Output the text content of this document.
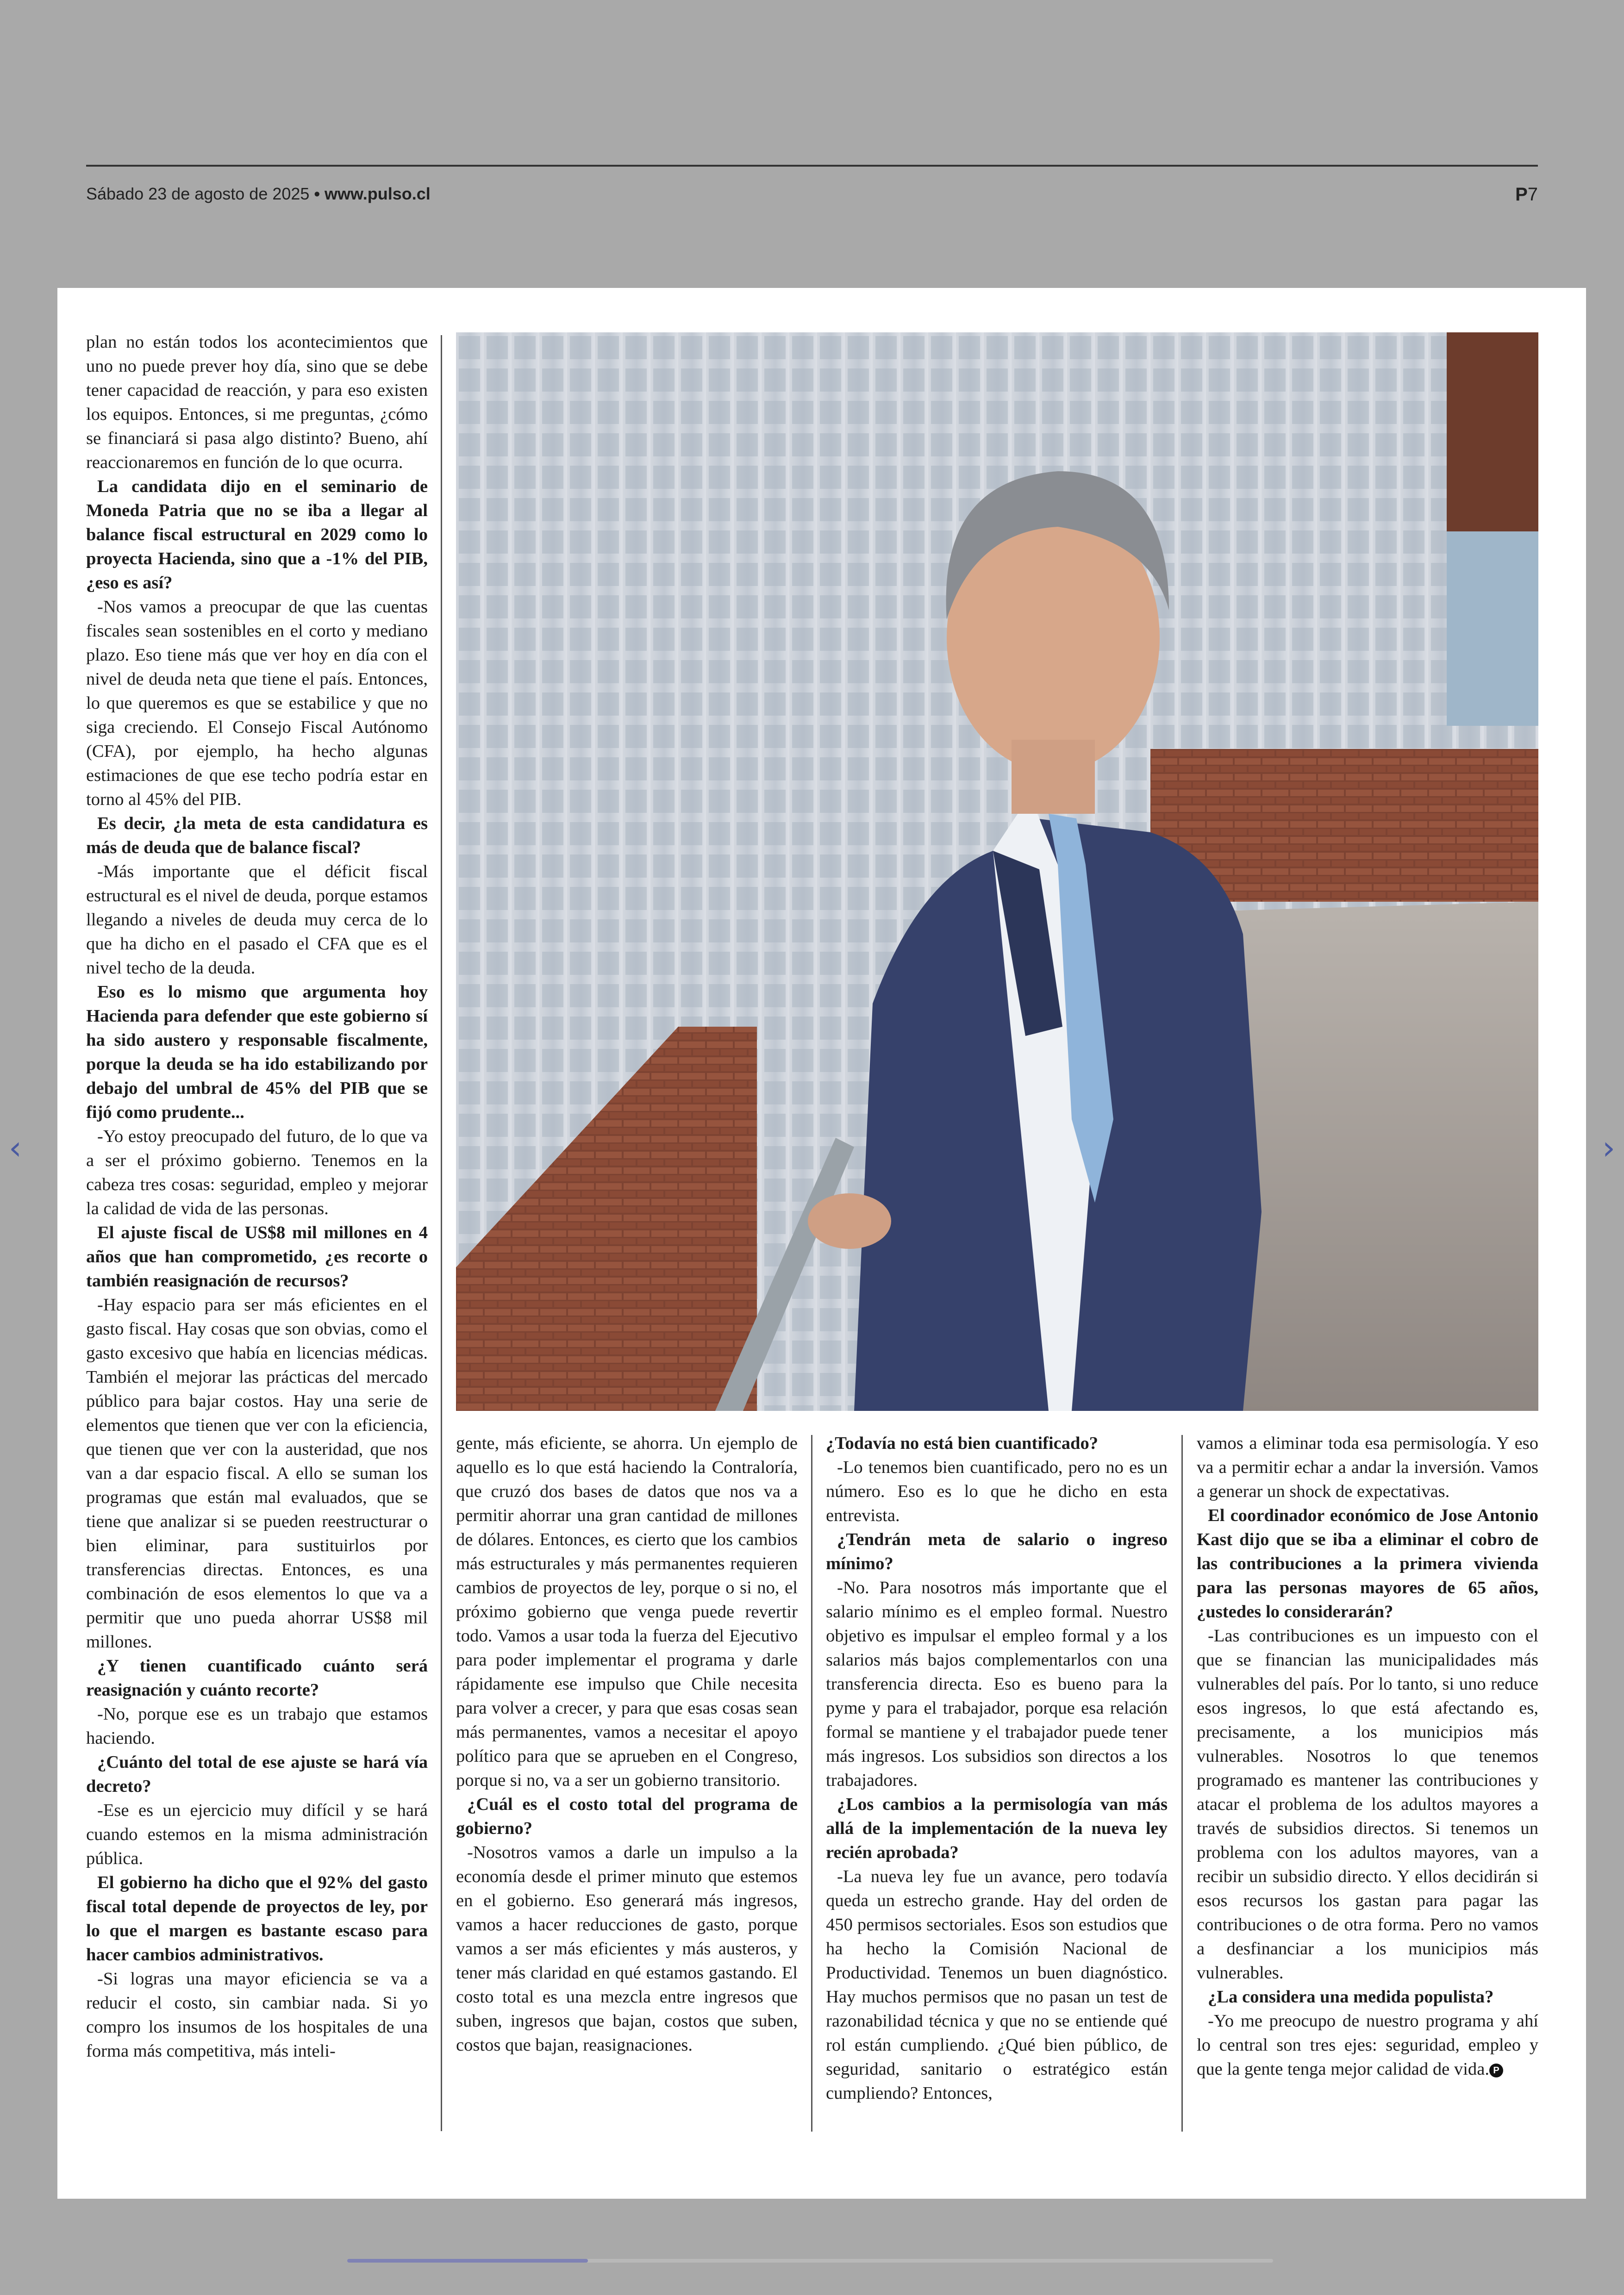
Sábado 23 de agosto de 2025 • www.pulso.cl	P7

plan no están todos los acontecimientos que uno no puede prever hoy día, sino que se debe tener capacidad de reacción, y para eso existen los equipos. Entonces, si me preguntas, ¿cómo se financiará si pasa algo distinto? Bueno, ahí reaccionaremos en función de lo que ocurra.

La candidata dijo en el seminario de Moneda Patria que no se iba a llegar al balance fiscal estructural en 2029 como lo proyecta Hacienda, sino que a -1% del PIB, ¿eso es así?

-Nos vamos a preocupar de que las cuentas fiscales sean sostenibles en el corto y mediano plazo. Eso tiene más que ver hoy en día con el nivel de deuda neta que tiene el país. Entonces, lo que queremos es que se estabilice y que no siga creciendo. El Consejo Fiscal Autónomo (CFA), por ejemplo, ha hecho algunas estimaciones de que ese techo podría estar en torno al 45% del PIB.

Es decir, ¿la meta de esta candidatura es más de deuda que de balance fiscal?

-Más importante que el déficit fiscal estructural es el nivel de deuda, porque estamos llegando a niveles de deuda muy cerca de lo que ha dicho en el pasado el CFA que es el nivel techo de la deuda.

Eso es lo mismo que argumenta hoy Hacienda para defender que este gobierno sí ha sido austero y responsable fiscalmente, porque la deuda se ha ido estabilizando por debajo del umbral de 45% del PIB que se fijó como prudente...

-Yo estoy preocupado del futuro, de lo que va a ser el próximo gobierno. Tenemos en la cabeza tres cosas: seguridad, empleo y mejorar la calidad de vida de las personas.

El ajuste fiscal de US$8 mil millones en 4 años que han comprometido, ¿es recorte o también reasignación de recursos?

-Hay espacio para ser más eficientes en el gasto fiscal. Hay cosas que son obvias, como el gasto excesivo que había en licencias médicas. También el mejorar las prácticas del mercado público para bajar costos. Hay una serie de elementos que tienen que ver con la eficiencia, que tienen que ver con la austeridad, que nos van a dar espacio fiscal. A ello se suman los programas que están mal evaluados, que se tiene que analizar si se pueden reestructurar o bien eliminar, para sustituirlos por transferencias directas. Entonces, es una combinación de esos elementos lo que va a permitir que uno pueda ahorrar US$8 mil millones.

¿Y tienen cuantificado cuánto será reasignación y cuánto recorte?

-No, porque ese es un trabajo que estamos haciendo.

¿Cuánto del total de ese ajuste se hará vía decreto?

-Ese es un ejercicio muy difícil y se hará cuando estemos en la misma administración pública.

El gobierno ha dicho que el 92% del gasto fiscal total depende de proyectos de ley, por lo que el margen es bastante escaso para hacer cambios administrativos.

-Si logras una mayor eficiencia se va a reducir el costo, sin cambiar nada. Si yo compro los insumos de los hospitales de una forma más competitiva, más inteli-

gente, más eficiente, se ahorra. Un ejemplo de aquello es lo que está haciendo la Contraloría, que cruzó dos bases de datos que nos va a permitir ahorrar una gran cantidad de millones de dólares. Entonces, es cierto que los cambios más estructurales y más permanentes requieren cambios de proyectos de ley, porque o si no, el próximo gobierno que venga puede revertir todo. Vamos a usar toda la fuerza del Ejecutivo para poder implementar el programa y darle rápidamente ese impulso que Chile necesita para volver a crecer, y para que esas cosas sean más permanentes, vamos a necesitar el apoyo político para que se aprueben en el Congreso, porque si no, va a ser un gobierno transitorio.

¿Cuál es el costo total del programa de gobierno?

-Nosotros vamos a darle un impulso a la economía desde el primer minuto que estemos en el gobierno. Eso generará más ingresos, vamos a hacer reducciones de gasto, porque vamos a ser más eficientes y más austeros, y tener más claridad en qué estamos gastando. El costo total es una mezcla entre ingresos que suben, ingresos que bajan, costos que suben, costos que bajan, reasignaciones.

¿Todavía no está bien cuantificado?

-Lo tenemos bien cuantificado, pero no es un número. Eso es lo que he dicho en esta entrevista.

¿Tendrán meta de salario o ingreso mínimo?

-No. Para nosotros más importante que el salario mínimo es el empleo formal. Nuestro objetivo es impulsar el empleo formal y a los salarios más bajos complementarlos con una transferencia directa. Eso es bueno para la pyme y para el trabajador, porque esa relación formal se mantiene y el trabajador puede tener más ingresos. Los subsidios son directos a los trabajadores.

¿Los cambios a la permisología van más allá de la implementación de la nueva ley recién aprobada?

-La nueva ley fue un avance, pero todavía queda un estrecho grande. Hay del orden de 450 permisos sectoriales. Esos son estudios que ha hecho la Comisión Nacional de Productividad. Tenemos un buen diagnóstico. Hay muchos permisos que no pasan un test de razonabilidad técnica y que no se entiende qué rol están cumpliendo. ¿Qué bien público, de seguridad, sanitario o estratégico están cumpliendo? Entonces,

vamos a eliminar toda esa permisología. Y eso va a permitir echar a andar la inversión. Vamos a generar un shock de expectativas.

El coordinador económico de Jose Antonio Kast dijo que se iba a eliminar el cobro de las contribuciones a la primera vivienda para las personas mayores de 65 años, ¿ustedes lo considerarán?

-Las contribuciones es un impuesto con el que se financian las municipalidades más vulnerables del país. Por lo tanto, si uno reduce esos ingresos, lo que está afectando es, precisamente, a los municipios más vulnerables. Nosotros lo que tenemos programado es mantener las contribuciones y atacar el problema de los adultos mayores a través de subsidios directos. Si tenemos un problema con los adultos mayores, van a recibir un subsidio directo. Y ellos decidirán si esos recursos los gastan para pagar las contribuciones o de otra forma. Pero no vamos a desfinanciar a los municipios más vulnerables.

¿La considera una medida populista?

-Yo me preocupo de nuestro programa y ahí lo central son tres ejes: seguridad, empleo y que la gente tenga mejor calidad de vida. P

‹	›
